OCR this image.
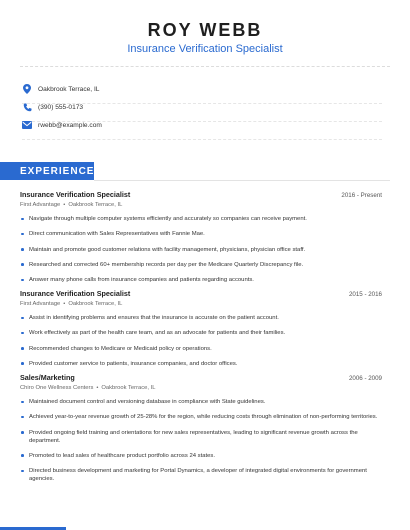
ROY WEBB
Insurance Verification Specialist
Oakbrook Terrace, IL
(390) 555-0173
rwebb@example.com
EXPERIENCE
Insurance Verification Specialist	2016 - Present
First Advantage • Oakbrook Terrace, IL
Navigate through multiple computer systems efficiently and accurately so companies can receive payment.
Direct communication with Sales Representatives with Fannie Mae.
Maintain and promote good customer relations with facility management, physicians, physician office staff.
Researched and corrected 60+ membership records per day per the Medicare Quarterly Discrepancy file.
Answer many phone calls from insurance companies and patients regarding accounts.
Insurance Verification Specialist	2015 - 2016
First Advantage • Oakbrook Terrace, IL
Assist in identifying problems and ensures that the insurance is accurate on the patient account.
Work effectively as part of the health care team, and as an advocate for patients and their families.
Recommended changes to Medicare or Medicaid policy or operations.
Provided customer service to patients, insurance companies, and doctor offices.
Sales/Marketing	2006 - 2009
Chiro One Wellness Centers • Oakbrook Terrace, IL
Maintained document control and versioning database in compliance with State guidelines.
Achieved year-to-year revenue growth of 25-28% for the region, while reducing costs through elimination of non-performing territories.
Provided ongoing field training and orientations for new sales representatives, leading to significant revenue growth across the department.
Promoted to lead sales of healthcare product portfolio across 24 states.
Directed business development and marketing for Portal Dynamics, a developer of integrated digital environments for government agencies.
